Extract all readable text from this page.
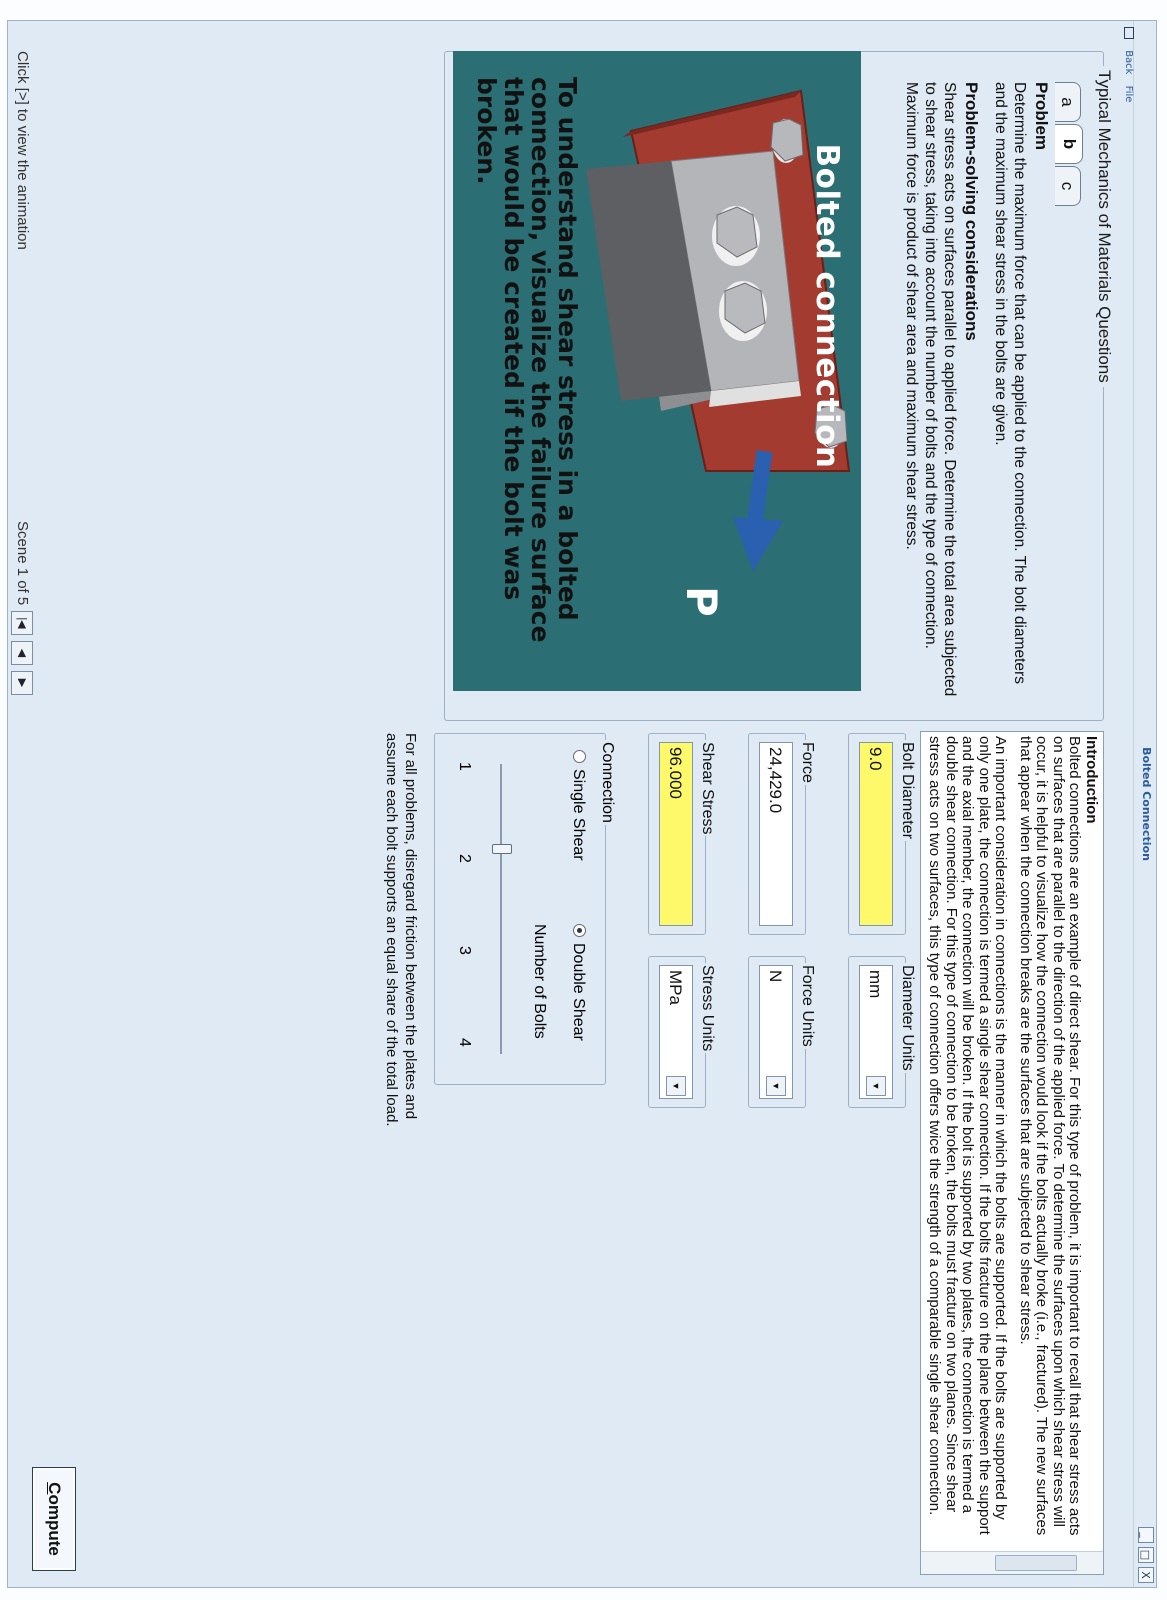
Bolted Connection
_
□
X
Back File
Typical Mechanics of Materials Questions
a
b
c
Problem

Determine the maximum force that can be applied to the connection. The bolt diameters and the maximum shear stress in the bolts are given.

Problem-solving considerations

Shear stress acts on surfaces parallel to applied force. Determine the total area subjected to shear stress, taking into account the number of bolts and the type of connection. Maximum force is product of shear area and maximum shear stress.

Bolted connection
P
To understand shear stress in a bolted connection, visualize the failure surface that would be created if the bolt was broken.
Click [>] to view the animation
Scene 1 of 5
|◀
◀
▶
Introduction

Bolted connections are an example of direct shear. For this type of problem, it is important to recall that shear stress acts on surfaces that are parallel to the direction of the applied force. To determine the surfaces upon which shear stress will occur, it is helpful to visualize how the connection would look if the bolts actually broke (i.e., fractured). The new surfaces that appear when the connection breaks are the surfaces that are subjected to shear stress.

An important consideration in connections is the manner in which the bolts are supported. If the bolts are supported by only one plate, the connection is termed a single shear connection. If the bolts fracture on the plane between the support and the axial member, the connection will be broken. If the bolt is supported by two plates, the connection is termed a double shear connection. For this type of connection to be broken, the bolts must fracture on two planes. Since shear stress acts on two surfaces, this type of connection offers twice the strength of a comparable single shear connection.

Bolt Diameter
9.0
Diameter Units
mm
▼
Force
24,429.0
Force Units
N
▼
Shear Stress
96.000
Stress Units
MPa
▼
Connection
Single Shear
Double Shear
Number of Bolts
1
2
3
4
For all problems, disregard friction between the plates and assume each bolt supports an equal share of the total load.
Compute
